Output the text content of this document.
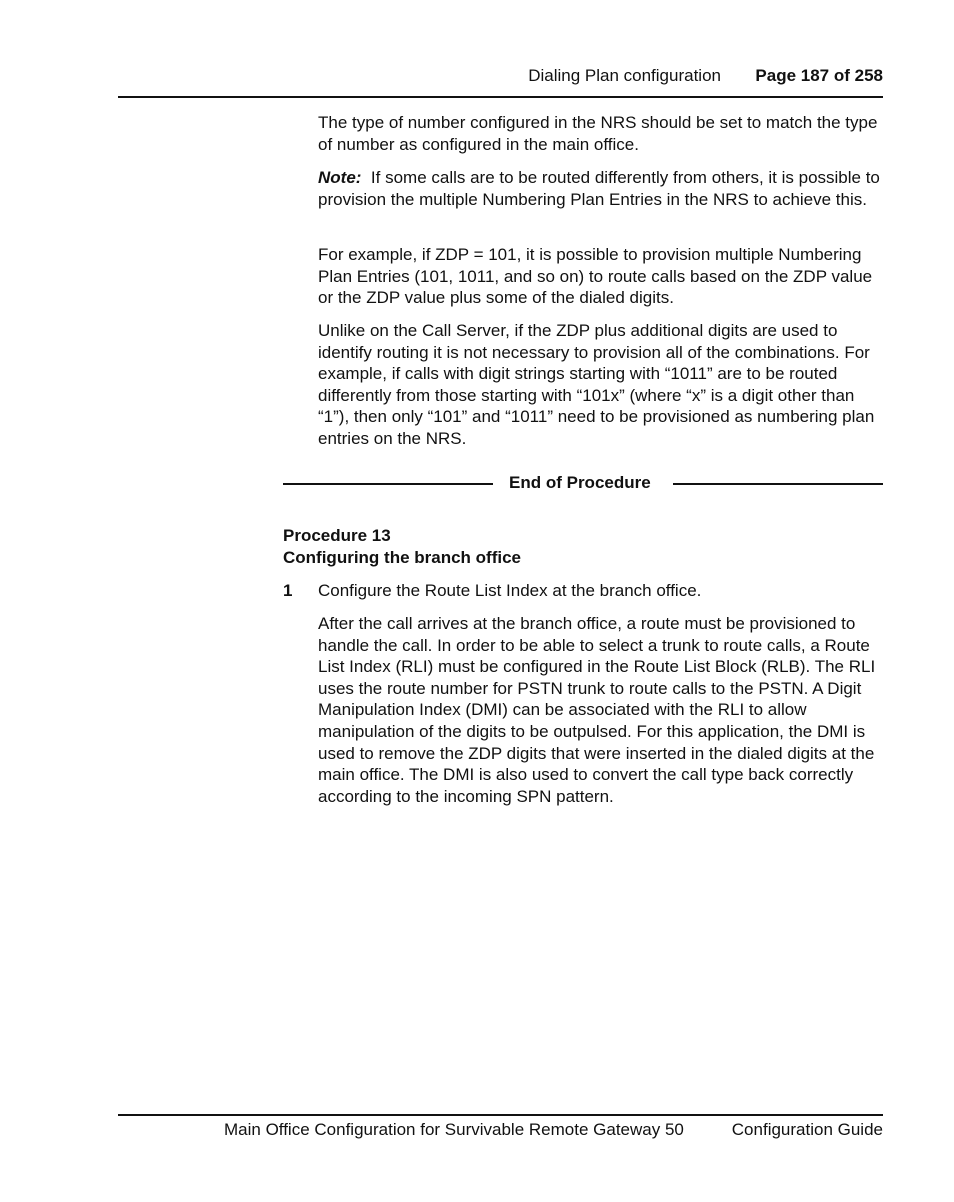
Dialing Plan configuration Page 187 of 258

The type of number configured in the NRS should be set to match the type of number as configured in the main office.

Note: If some calls are to be routed differently from others, it is possible to provision the multiple Numbering Plan Entries in the NRS to achieve this.

For example, if ZDP = 101, it is possible to provision multiple Numbering Plan Entries (101, 1011, and so on) to route calls based on the ZDP value or the ZDP value plus some of the dialed digits.

Unlike on the Call Server, if the ZDP plus additional digits are used to identify routing it is not necessary to provision all of the combinations. For example, if calls with digit strings starting with “1011” are to be routed differently from those starting with “101x” (where “x” is a digit other than “1”), then only “101” and “1011” need to be provisioned as numbering plan entries on the NRS.

End of Procedure
Procedure 13
Configuring the branch office
1 Configure the Route List Index at the branch office.

After the call arrives at the branch office, a route must be provisioned to handle the call. In order to be able to select a trunk to route calls, a Route List Index (RLI) must be configured in the Route List Block (RLB). The RLI uses the route number for PSTN trunk to route calls to the PSTN. A Digit Manipulation Index (DMI) can be associated with the RLI to allow manipulation of the digits to be outpulsed. For this application, the DMI is used to remove the ZDP digits that were inserted in the dialed digits at the main office. The DMI is also used to convert the call type back correctly according to the incoming SPN pattern.

Main Office Configuration for Survivable Remote Gateway 50	Configuration Guide
